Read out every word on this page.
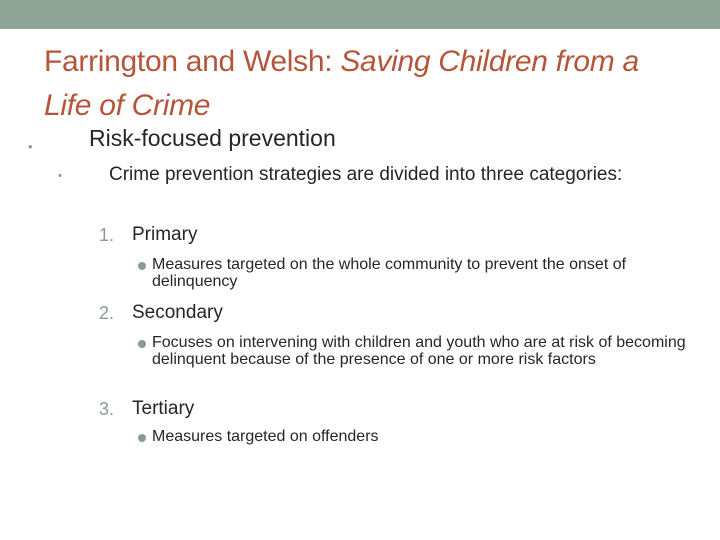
Farrington and Welsh: Saving Children from a Life of Crime
• Risk-focused prevention
• Crime prevention strategies are divided into three categories:
1. Primary
Measures targeted on the whole community to prevent the onset of delinquency
2. Secondary
Focuses on intervening with children and youth who are at risk of becoming delinquent because of the presence of one or more risk factors
3. Tertiary
Measures targeted on offenders
